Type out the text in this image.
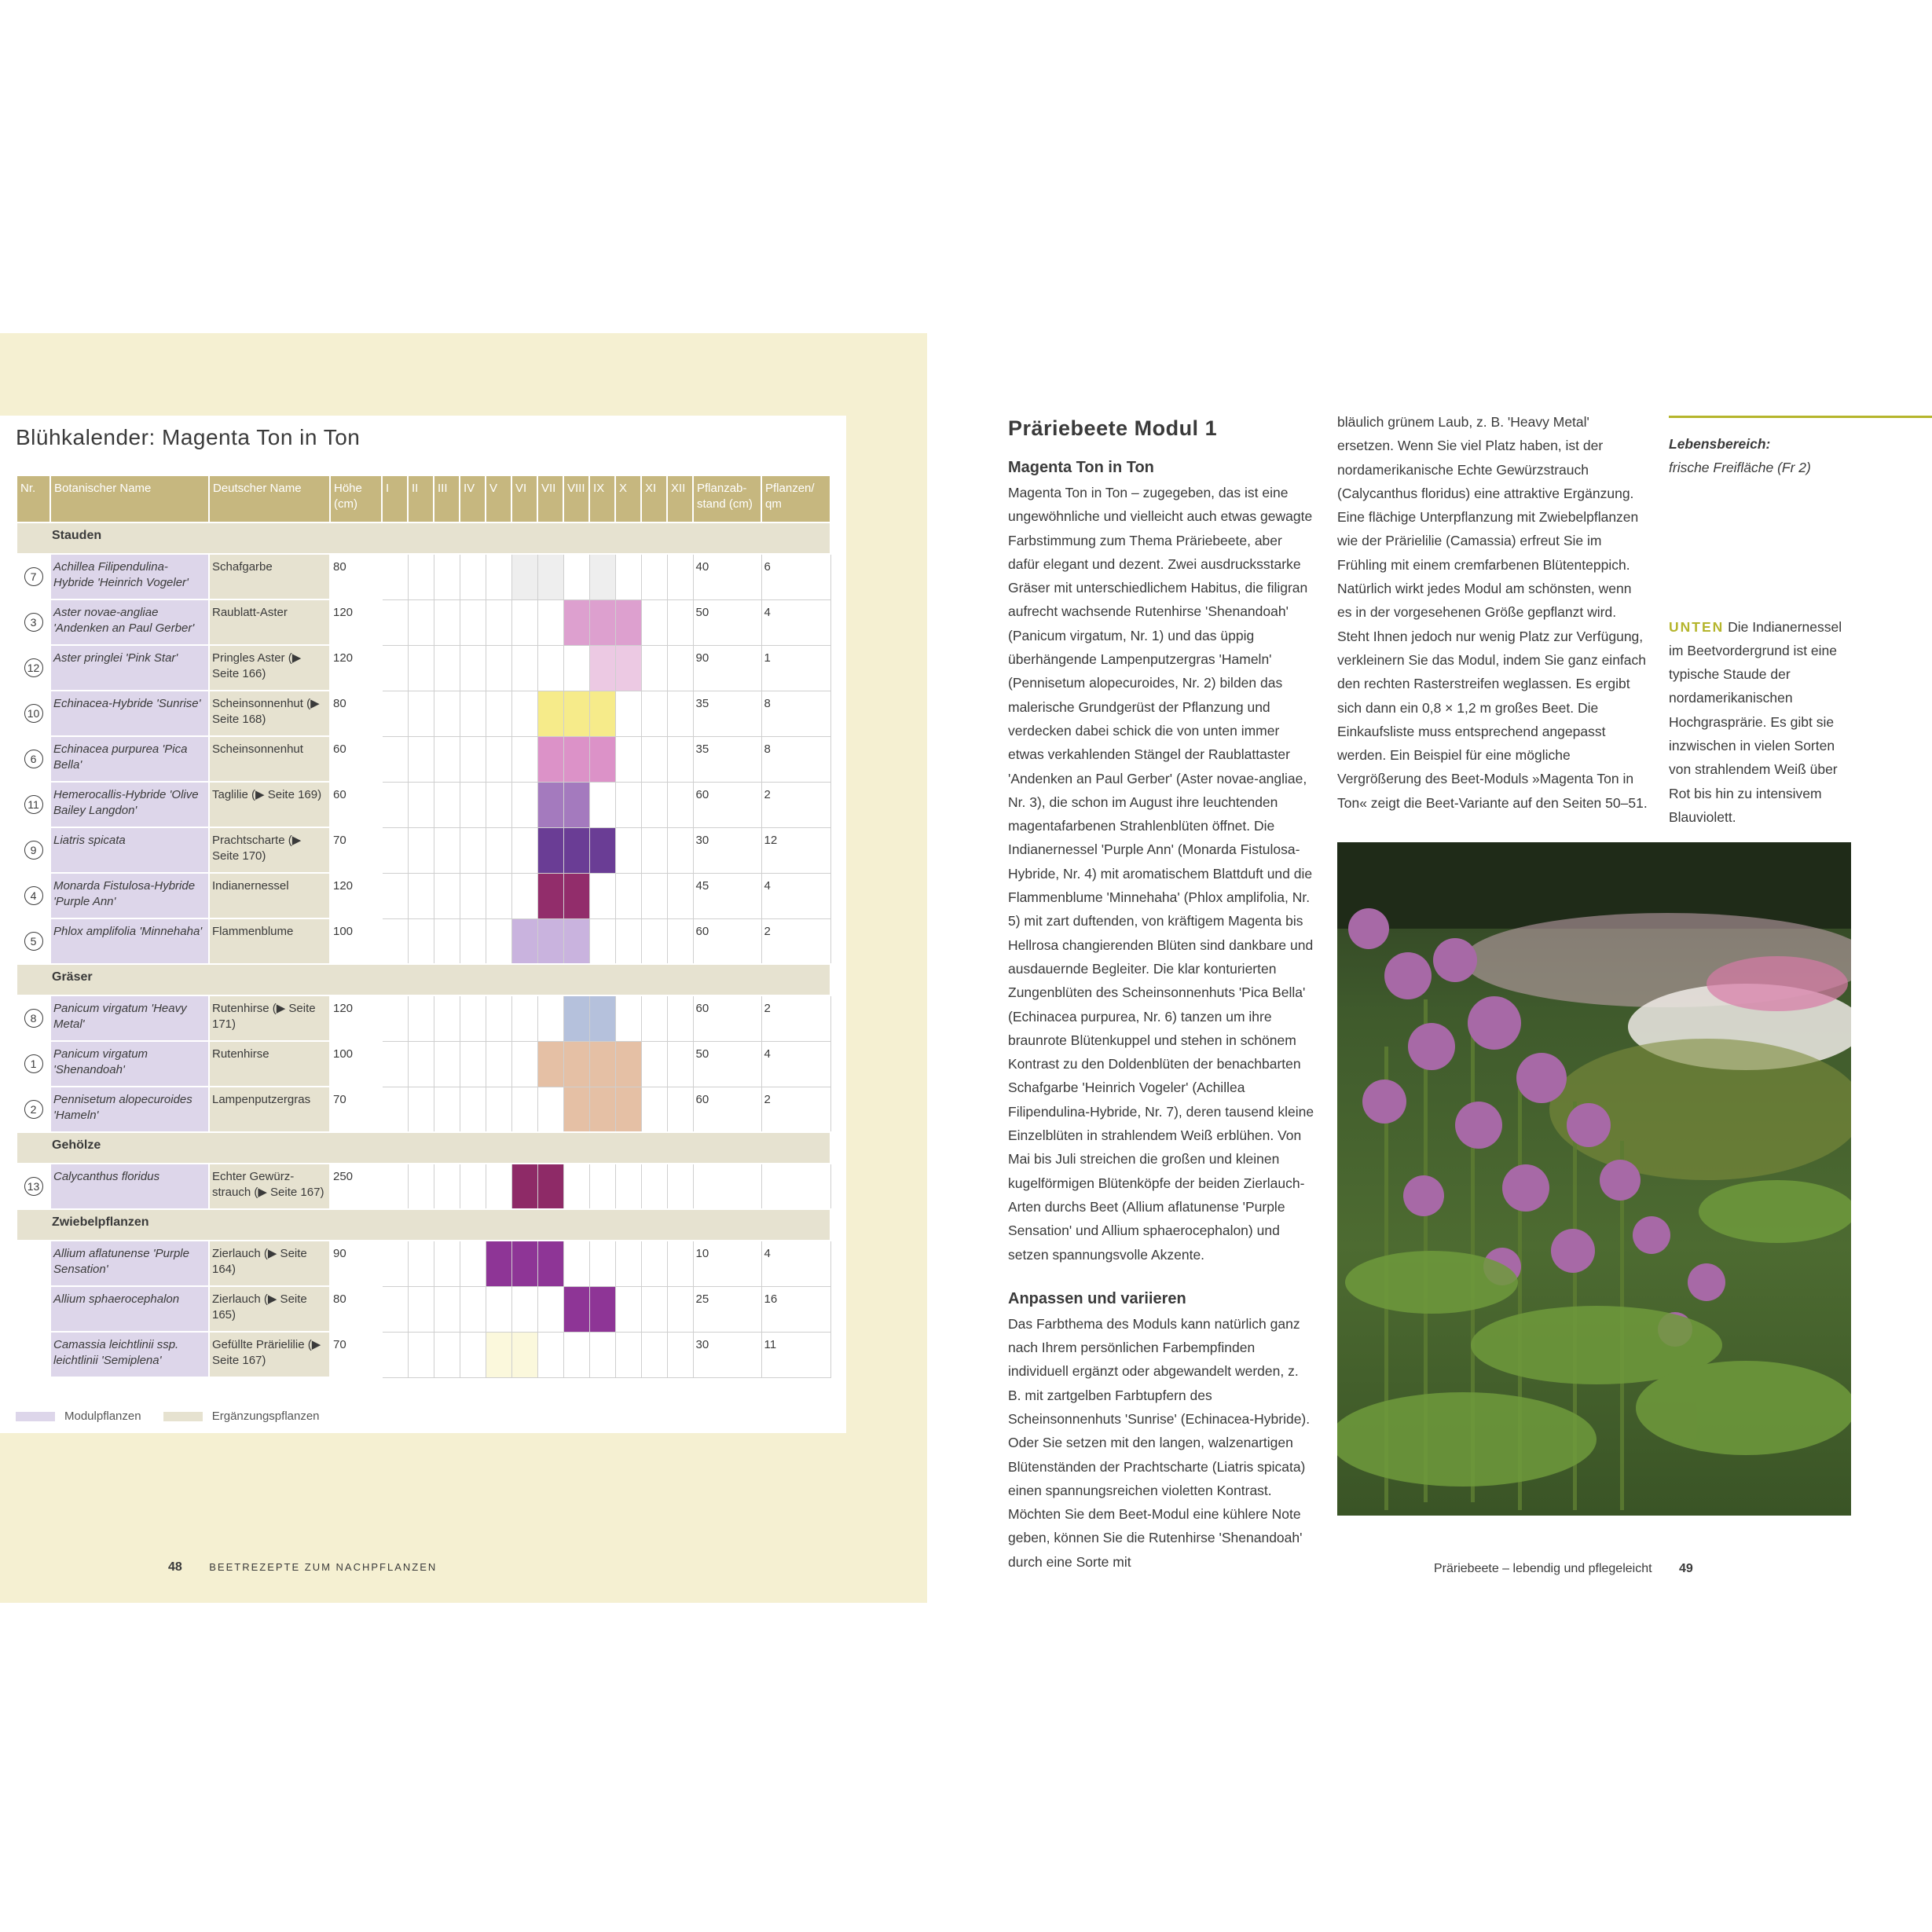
Blühkalender: Magenta Ton in Ton
Nr.	Botanischer Name	Deutscher Name	Höhe (cm)	I	II	III	IV	V	VI	VII	VIII	IX	X	XI	XII	Pflanzab-stand (cm)	Pflanzen/ qm
Stauden																	
7	Achillea Filipendulina-Hybride 'Heinrich Vogeler'	Schafgarbe	80													40	6
3	Aster novae-angliae 'Andenken an Paul Gerber'	Raublatt-Aster	120													50	4
12	Aster pringlei 'Pink Star'	Pringles Aster (▶ Seite 166)	120													90	1
10	Echinacea-Hybride 'Sunrise'	Scheinsonnenhut (▶ Seite 168)	80													35	8
6	Echinacea purpurea 'Pica Bella'	Scheinsonnenhut	60													35	8
11	Hemerocallis-Hybride 'Olive Bailey Langdon'	Taglilie (▶ Seite 169)	60													60	2
9	Liatris spicata	Prachtscharte (▶ Seite 170)	70													30	12
4	Monarda Fistulosa-Hybride 'Purple Ann'	Indianernessel	120													45	4
5	Phlox amplifolia 'Minnehaha'	Flammenblume	100													60	2
Gräser																	
8	Panicum virgatum 'Heavy Metal'	Rutenhirse (▶ Seite 171)	120													60	2
1	Panicum virgatum 'Shenandoah'	Rutenhirse	100													50	4
2	Pennisetum alopecuroides 'Hameln'	Lampenputzergras	70													60	2
Gehölze																	
13	Calycanthus floridus	Echter Gewürz-strauch (▶ Seite 167)	250														
Zwiebelpflanzen																	
	Allium aflatunense 'Purple Sensation'	Zierlauch (▶ Seite 164)	90													10	4
	Allium sphaerocephalon	Zierlauch (▶ Seite 165)	80													25	16
	Camassia leichtlinii ssp. leichtlinii 'Semiplena'	Gefüllte Prärielilie (▶ Seite 167)	70													30	11
Modulpflanzen	Ergänzungspflanzen
48	BEETREZEPTE ZUM NACHPFLANZEN
Präriebeete Modul 1
Magenta Ton in Ton
Magenta Ton in Ton – zugegeben, das ist eine ungewöhnliche und vielleicht auch etwas gewagte Farbstimmung zum Thema Präriebeete, aber dafür elegant und dezent. Zwei ausdrucksstarke Gräser mit unterschiedlichem Habitus, die filigran aufrecht wachsende Rutenhirse 'Shenandoah' (Panicum virgatum, Nr. 1) und das üppig überhängende Lampenputzergras 'Hameln' (Pennisetum alopecuroides, Nr. 2) bilden das malerische Grundgerüst der Pflanzung und verdecken dabei schick die von unten immer etwas verkahlenden Stängel der Raublattaster 'Andenken an Paul Gerber' (Aster novae-angliae, Nr. 3), die schon im August ihre leuchtenden magentafarbenen Strahlenblüten öffnet. Die Indianernessel 'Purple Ann' (Monarda Fistulosa-Hybride, Nr. 4) mit aromatischem Blattduft und die Flammenblume 'Minnehaha' (Phlox amplifolia, Nr. 5) mit zart duftenden, von kräftigem Magenta bis Hellrosa changierenden Blüten sind dankbare und ausdauernde Begleiter. Die klar konturierten Zungenblüten des Scheinsonnenhuts 'Pica Bella' (Echinacea purpurea, Nr. 6) tanzen um ihre braunrote Blütenkuppel und stehen in schönem Kontrast zu den Doldenblüten der benachbarten Schafgarbe 'Heinrich Vogeler' (Achillea Filipendulina-Hybride, Nr. 7), deren tausend kleine Einzelblüten in strahlendem Weiß erblühen. Von Mai bis Juli streichen die großen und kleinen kugelförmigen Blütenköpfe der beiden Zierlauch-Arten durchs Beet (Allium aflatunense 'Purple Sensation' und Allium sphaerocephalon) und setzen spannungsvolle Akzente.
Anpassen und variieren
Das Farbthema des Moduls kann natürlich ganz nach Ihrem persönlichen Farbempfinden individuell ergänzt oder abgewandelt werden, z. B. mit zartgelben Farbtupfern des Scheinsonnenhuts 'Sunrise' (Echinacea-Hybride). Oder Sie setzen mit den langen, walzenartigen Blütenständen der Prachtscharte (Liatris spicata) einen spannungsreichen violetten Kontrast. Möchten Sie dem Beet-Modul eine kühlere Note geben, können Sie die Rutenhirse 'Shenandoah' durch eine Sorte mit
bläulich grünem Laub, z. B. 'Heavy Metal' ersetzen. Wenn Sie viel Platz haben, ist der nordamerikanische Echte Gewürzstrauch (Calycanthus floridus) eine attraktive Ergänzung. Eine flächige Unterpflanzung mit Zwiebelpflanzen wie der Prärielilie (Camassia) erfreut Sie im Frühling mit einem cremfarbenen Blütenteppich.
Natürlich wirkt jedes Modul am schönsten, wenn es in der vorgesehenen Größe gepflanzt wird. Steht Ihnen jedoch nur wenig Platz zur Verfügung, verkleinern Sie das Modul, indem Sie ganz einfach den rechten Rasterstreifen weglassen. Es ergibt sich dann ein 0,8 × 1,2 m großes Beet. Die Einkaufsliste muss entsprechend angepasst werden. Ein Beispiel für eine mögliche Vergrößerung des Beet-Moduls »Magenta Ton in Ton« zeigt die Beet-Variante auf den Seiten 50–51.
Lebensbereich:
frische Freifläche (Fr 2)
UNTEN Die Indianernessel im Beetvordergrund ist eine typische Staude der nordamerikanischen Hochgrasprärie. Es gibt sie inzwischen in vielen Sorten von strahlendem Weiß über Rot bis hin zu intensivem Blauviolett.
Präriebeete – lebendig und pflegeleicht 49
